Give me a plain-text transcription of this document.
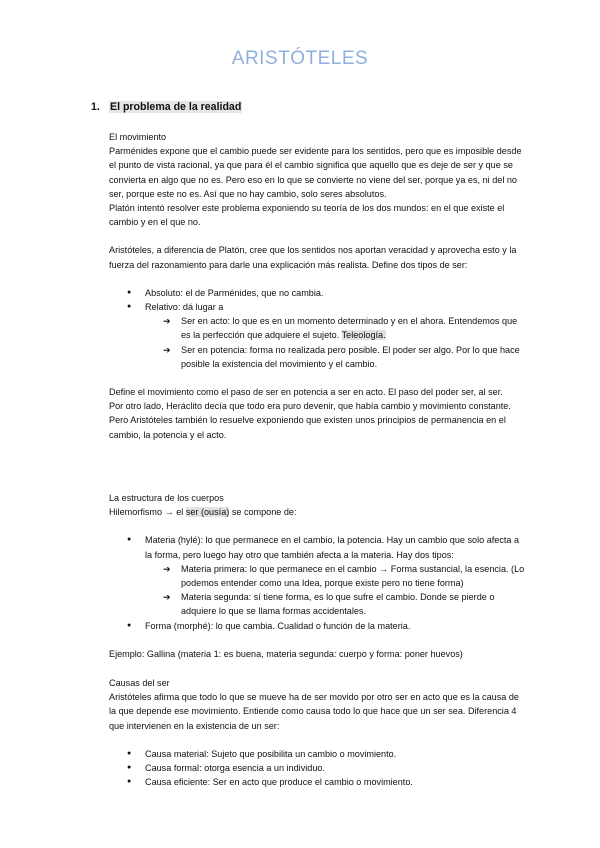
ARISTÓTELES
1. El problema de la realidad

El movimiento

Parménides expone que el cambio puede ser evidente para los sentidos, pero que es imposible desde el punto de vista racional, ya que para él el cambio significa que aquello que es deje de ser y que se convierta en algo que no es. Pero eso en lo que se convierte no viene del ser, porque ya es, ni del no ser, porque este no es. Así que no hay cambio, solo seres absolutos.

Platón intentó resolver este problema exponiendo su teoría de los dos mundos: en el que existe el cambio y en el que no.

Aristóteles, a diferencia de Platón, cree que los sentidos nos aportan veracidad y aprovecha esto y la fuerza del razonamiento para darle una explicación más realista. Define dos tipos de ser:

● Absoluto: el de Parménides, que no cambia.
● Relativo: dá lugar a
➔ Ser en acto: lo que es en un momento determinado y en el ahora. Entendemos que es la perfección que adquiere el sujeto. Teleología.
➔ Ser en potencia: forma no realizada pero posible. El poder ser algo. Por lo que hace posible la existencia del movimiento y el cambio.

Define el movimiento como el paso de ser en potencia a ser en acto. El paso del poder ser, al ser.

Por otro lado, Heráclito decía que todo era puro devenir, que había cambio y movimiento constante. Pero Aristóteles también lo resuelve exponiendo que existen unos principios de permanencia en el cambio, la potencia y el acto.

La estructura de los cuerpos

Hilemorfismo → el ser (ousía) se compone de:

● Materia (hylé): lo que permanece en el cambio, la potencia. Hay un cambio que solo afecta a la forma, pero luego hay otro que también afecta a la materia. Hay dos tipos:
➔ Materia primera: lo que permanece en el cambio → Forma sustancial, la esencia. (Lo podemos entender como una Idea, porque existe pero no tiene forma)
➔ Materia segunda: sí tiene forma, es lo que sufre el cambio. Donde se pierde o adquiere lo que se llama formas accidentales.
● Forma (morphé): lo que cambia. Cualidad o función de la materia.

Ejemplo: Gallina (materia 1: es buena, materia segunda: cuerpo y forma: poner huevos)

Causas del ser

Aristóteles afirma que todo lo que se mueve ha de ser movido por otro ser en acto que es la causa de la que depende ese movimiento. Entiende como causa todo lo que hace que un ser sea. Diferencia 4 que intervienen en la existencia de un ser:

● Causa material: Sujeto que posibilita un cambio o movimiento.
● Causa formal: otorga esencia a un individuo.
● Causa eficiente: Ser en acto que produce el cambio o movimiento.
